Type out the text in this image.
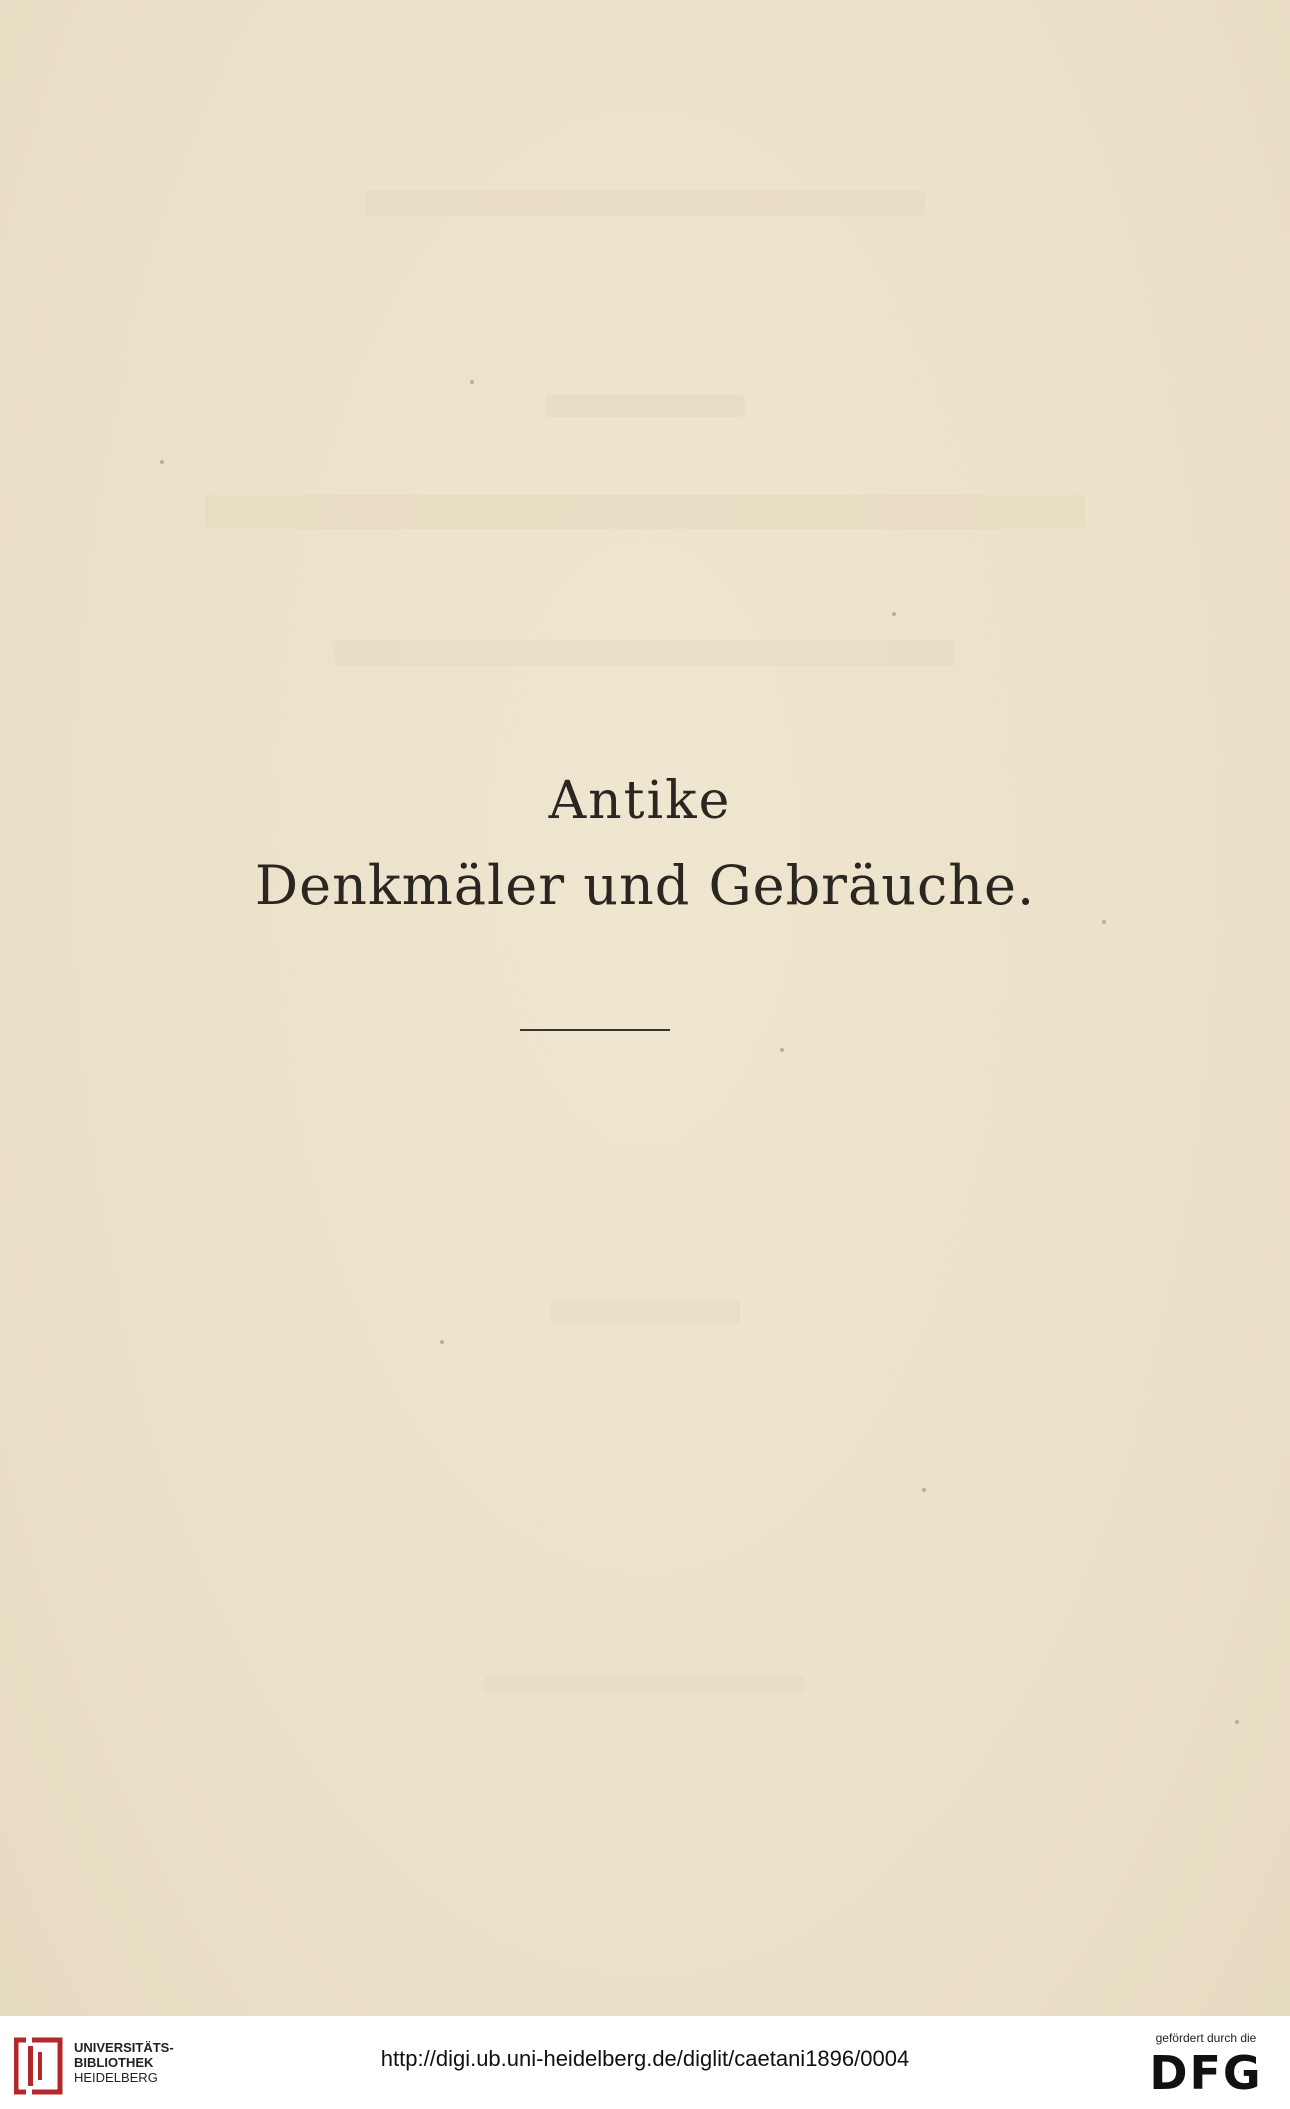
Antike
Denkmäler und Gebräuche.
UNIVERSITÄTS-
BIBLIOTHEK
HEIDELBERG
http://digi.ub.uni-heidelberg.de/diglit/caetani1896/0004
gefördert durch die
DFG
